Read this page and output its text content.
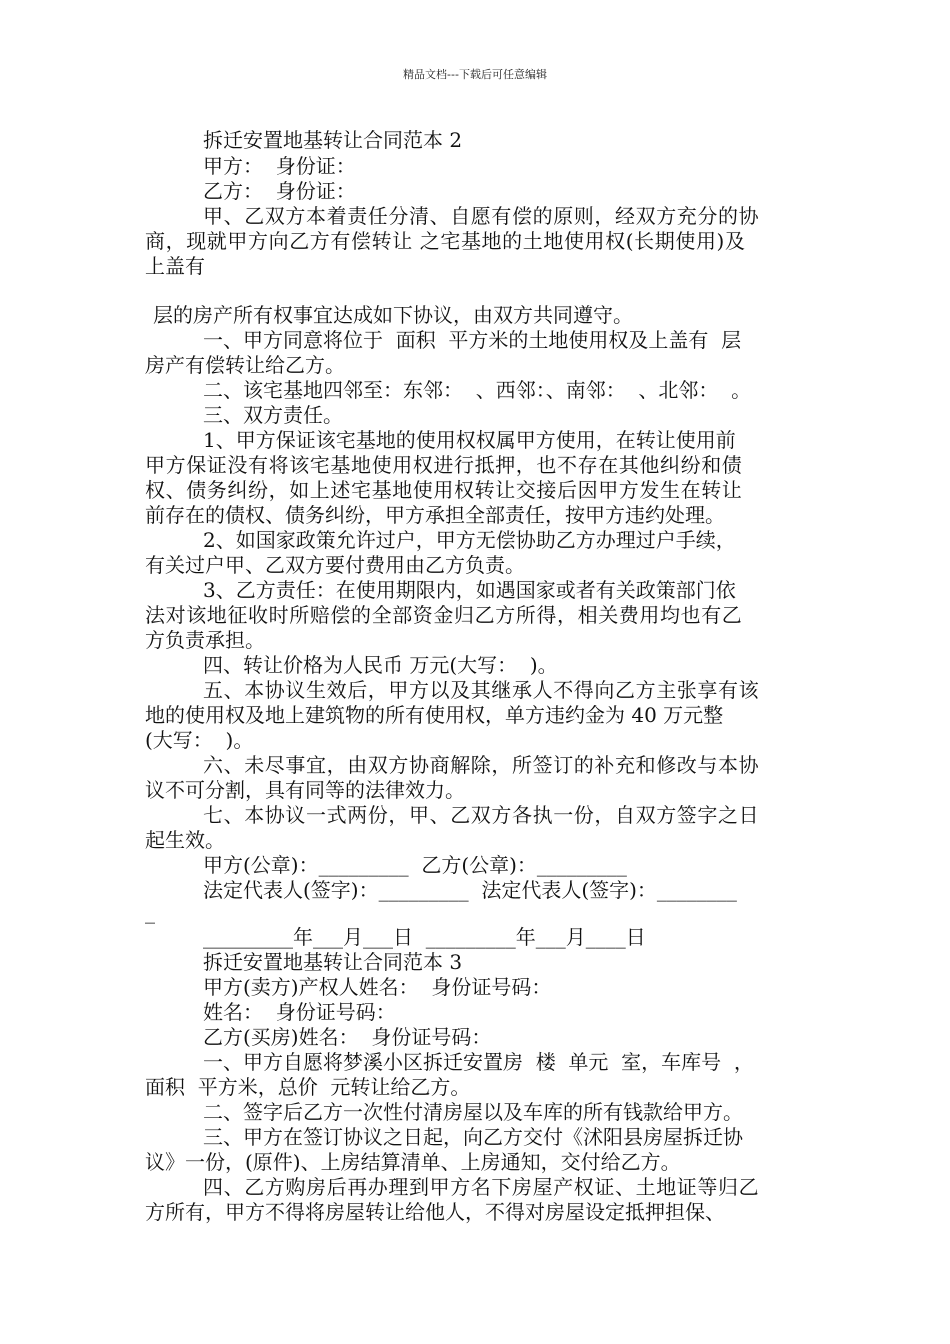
精品文档---下载后可任意编辑
拆迁安置地基转让合同范本 2
甲方：  身份证：
乙方：  身份证：
甲、乙双方本着责任分清、自愿有偿的原则，经双方充分的协
商，现就甲方向乙方有偿转让 之宅基地的土地使用权(长期使用)及
上盖有
层的房产所有权事宜达成如下协议，由双方共同遵守。
一、甲方同意将位于  面积  平方米的土地使用权及上盖有  层
房产有偿转让给乙方。
二、该宅基地四邻至：东邻：  、西邻：、南邻：  、北邻：  。
三、双方责任。
1、甲方保证该宅基地的使用权权属甲方使用，在转让使用前
甲方保证没有将该宅基地使用权进行抵押，也不存在其他纠纷和债
权、债务纠纷，如上述宅基地使用权转让交接后因甲方发生在转让
前存在的债权、债务纠纷，甲方承担全部责任，按甲方违约处理。
2、如国家政策允许过户，甲方无偿协助乙方办理过户手续，
有关过户甲、乙双方要付费用由乙方负责。
3、乙方责任：在使用期限内，如遇国家或者有关政策部门依
法对该地征收时所赔偿的全部资金归乙方所得，相关费用均也有乙
方负责承担。
四、转让价格为人民币 万元(大写：  )。
五、本协议生效后，甲方以及其继承人不得向乙方主张享有该
地的使用权及地上建筑物的所有使用权，单方违约金为 40 万元整
(大写：  )。
六、未尽事宜，由双方协商解除，所签订的补充和修改与本协
议不可分割，具有同等的法律效力。
七、本协议一式两份，甲、乙双方各执一份，自双方签字之日
起生效。
甲方(公章)：_________  乙方(公章)：_________
法定代表人(签字)：_________  法定代表人(签字)：________
_
_________年___月___日  _________年___月____日
拆迁安置地基转让合同范本 3
甲方(卖方)产权人姓名：  身份证号码：
姓名：  身份证号码：
乙方(买房)姓名：  身份证号码：
一、甲方自愿将梦溪小区拆迁安置房  楼  单元  室，车库号  ，
面积  平方米，总价  元转让给乙方。
二、签字后乙方一次性付清房屋以及车库的所有钱款给甲方。
三、甲方在签订协议之日起，向乙方交付《沭阳县房屋拆迁协
议》一份，(原件)、上房结算清单、上房通知，交付给乙方。
四、乙方购房后再办理到甲方名下房屋产权证、土地证等归乙
方所有，甲方不得将房屋转让给他人，不得对房屋设定抵押担保、
